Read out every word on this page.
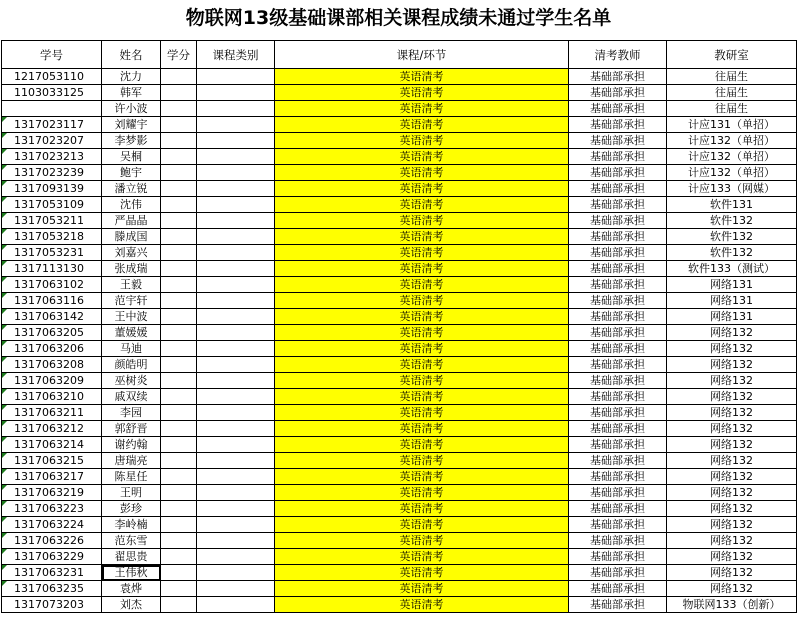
物联网13级基础课部相关课程成绩未通过学生名单
学号	姓名	学分	课程类别	课程/环节	清考教师	教研室
1217053110	沈力			英语清考	基础部承担	往届生
1103033125	韩军			英语清考	基础部承担	往届生
	许小波			英语清考	基础部承担	往届生
1317023117	刘耀宇			英语清考	基础部承担	计应131（单招）
1317023207	李梦影			英语清考	基础部承担	计应132（单招）
1317023213	吴桐			英语清考	基础部承担	计应132（单招）
1317023239	鲍宇			英语清考	基础部承担	计应132（单招）
1317093139	潘立锐			英语清考	基础部承担	计应133（网媒）
1317053109	沈伟			英语清考	基础部承担	软件131
1317053211	严晶晶			英语清考	基础部承担	软件132
1317053218	滕成国			英语清考	基础部承担	软件132
1317053231	刘嘉兴			英语清考	基础部承担	软件132
1317113130	张成瑞			英语清考	基础部承担	软件133（测试）
1317063102	王毅			英语清考	基础部承担	网络131
1317063116	范宇轩			英语清考	基础部承担	网络131
1317063142	王中波			英语清考	基础部承担	网络131
1317063205	董媛媛			英语清考	基础部承担	网络132
1317063206	马迪			英语清考	基础部承担	网络132
1317063208	颜皓明			英语清考	基础部承担	网络132
1317063209	巫树炎			英语清考	基础部承担	网络132
1317063210	戚双续			英语清考	基础部承担	网络132
1317063211	李园			英语清考	基础部承担	网络132
1317063212	郭舒晋			英语清考	基础部承担	网络132
1317063214	谢约翰			英语清考	基础部承担	网络132
1317063215	唐瑞亮			英语清考	基础部承担	网络132
1317063217	陈星任			英语清考	基础部承担	网络132
1317063219	王明			英语清考	基础部承担	网络132
1317063223	彭珍			英语清考	基础部承担	网络132
1317063224	李岭楠			英语清考	基础部承担	网络132
1317063226	范东雪			英语清考	基础部承担	网络132
1317063229	翟思贵			英语清考	基础部承担	网络132
1317063231	王伟秋			英语清考	基础部承担	网络132
1317063235	袁烨			英语清考	基础部承担	网络132
1317073203	刘杰			英语清考	基础部承担	物联网133（创新）
